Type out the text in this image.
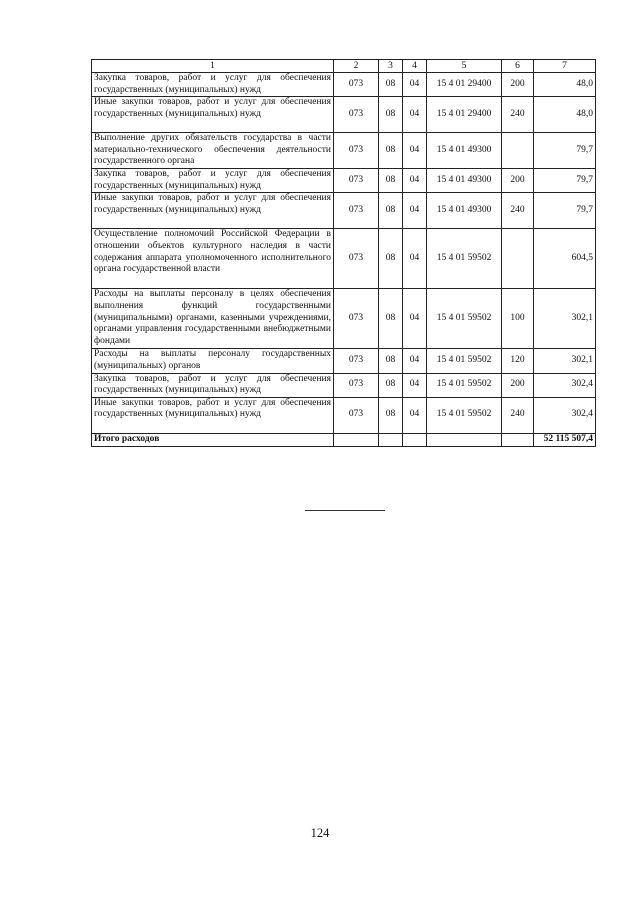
1	2	3	4	5	6	7
Закупка товаров, работ и услуг для обеспечения государственных (муниципальных) нужд	073	08	04	15 4 01 29400	200	48,0
Иные закупки товаров, работ и услуг для обеспечения государственных (муниципальных) нужд	073	08	04	15 4 01 29400	240	48,0
Выполнение других обязательств государства в части материально-технического обеспечения деятельности государственного органа	073	08	04	15 4 01 49300		79,7
Закупка товаров, работ и услуг для обеспечения государственных (муниципальных) нужд	073	08	04	15 4 01 49300	200	79,7
Иные закупки товаров, работ и услуг для обеспечения государственных (муниципальных) нужд	073	08	04	15 4 01 49300	240	79,7
Осуществление полномочий Российской Федерации в отношении объектов культурного наследия в части содержания аппарата уполномоченного исполнительного органа государственной власти	073	08	04	15 4 01 59502		604,5
Расходы на выплаты персоналу в целях обеспечения выполнения функций государственными (муниципальными) органами, казенными учреждениями, органами управления государственными внебюджетными фондами	073	08	04	15 4 01 59502	100	302,1
Расходы на выплаты персоналу государственных (муниципальных) органов	073	08	04	15 4 01 59502	120	302,1
Закупка товаров, работ и услуг для обеспечения государственных (муниципальных) нужд	073	08	04	15 4 01 59502	200	302,4
Иные закупки товаров, работ и услуг для обеспечения государственных (муниципальных) нужд	073	08	04	15 4 01 59502	240	302,4
Итого расходов						52 115 507,4
124
